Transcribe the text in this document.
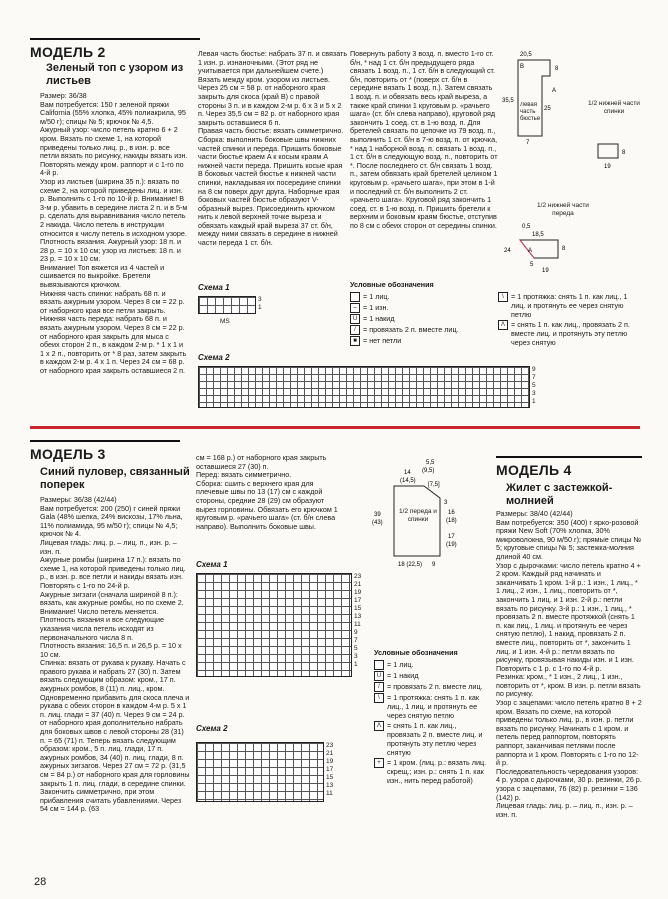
МОДЕЛЬ 2
Зеленый топ с узором из листьев
Размер: 36/38
Вам потребуется: 150 г зеленой пряжи California (55% хлопка, 45% полиакрила, 95 м/50 г); спицы № 5; крючок № 4,5.
Ажурный узор: число петель кратно 6 + 2 кром. Вязать по схеме 1, на которой приведены только лиц. р., в изн. р. все петли вязать по рисунку, накиды вязать изн. Повторять между кром. раппорт и с 1-го по 4-й р.
Узор из листьев (ширина 35 п.): вязать по схеме 2, на которой приведены лиц. и изн. р. Выполнить с 1-го по 10-й р. Внимание! В 3-м р. убавить в середине листа 2 п. и в 5-м р. сделать для выравнивания число петель 2 накида. Число петель в инструкции относится к числу петель в исходном узоре.
Плотность вязания. Ажурный узор: 18 п. и 28 р. = 10 х 10 см; узор из листьев: 18 п. и 23 р. = 10 х 10 см.
Внимание! Топ вяжется из 4 частей и сшивается по выкройке. Бретели вывязываются крючком.
Нижняя часть спинки: набрать 68 п. и вязать ажурным узором. Через 8 см = 22 р. от наборного края все петли закрыть.
Нижняя часть переда: набрать 68 п. и вязать ажурным узором. Через 8 см = 22 р. от наборного края закрыть для мыса с обеих сторон 2 п., в каждом 2-м р. * 1 х 1 и 1 х 2 п., повторить от * 8 раз, затем закрыть в каждом 2-м р. 4 х 1 п. Через 24 см = 68 р. от наборного края закрыть оставшиеся 2 п.
Левая часть бюстье: набрать 37 п. и связать 1 изн. р. изнаночными. (Этот ряд не учитывается при дальнейшем счете.) Вязать между кром. узором из листьев. Через 25 см = 58 р. от наборного края закрыть для скоса (край B) с правой стороны 3 п. и в каждом 2-м р. 6 х 3 и 5 х 2 п. Через 35,5 см = 82 р. от наборного края закрыть оставшиеся 6 п.
Правая часть бюстье: вязать симметрично.
Сборка: выполнить боковые швы нижних частей спинки и переда. Пришить боковые части бюстье краем A к косым краям A нижней части переда. Пришить косые края B боковых частей бюстье к нижней части спинки, накладывая их посередине спинки на 8 см поверх друг друга. Наборные края боковых частей бюстье образуют V-образный вырез. Присоединить крючком нить к левой верхней точке выреза и обвязать каждый край выреза 37 ст. б/н, между ними связать в середине в нижней части переда 1 ст. б/н.
Повернуть работу 3 возд. п. вместо 1-го ст. б/н, * над 1 ст. б/н предыдущего ряда связать 1 возд. п., 1 ст. б/н в следующий ст. б/н, повторить от * (поверх ст. б/н в середине вязать 1 возд. п.). Затем связать 1 возд. п. и обвязать весь край выреза, а также край спинки 1 круговым р. «рачьего шага» (ст. б/н слева направо), круговой ряд закончить 1 соед. ст. в 1-ю возд. п. Для бретелей связать по цепочке из 79 возд. п., выполнить 1 ст. б/н в 7-ю возд. п. от крючка, * над 1 наборной возд. п. связать 1 возд. п., 1 ст. б/н в следующую возд. п., повторить от *. После последнего ст. б/н связать 1 возд. п., затем обвязать край бретелей целиком 1 круговым р. «рачьего шага», при этом в 1-й и последний ст. б/н выполнить 2 ст. «рачьего шага». Круговой ряд закончить 1 соед. ст. в 1-ю возд. п. Пришить бретели к верхним и боковым краям бюстье, отступив по 8 см с обеих сторон от середины спинки.
20,5
8
35,5
25
A
B
7
Левая часть бюстье
1/2 нижней части спинки
8
19
1/2 нижней части переда
0,5
18,5
8
24	A
5
19
Схема 1
3
1
MS
Схема 2
9
7
5
3
1
Условные обозначения
= 1 лиц.
– = 1 изн.
U = 1 накид
/ = провязать 2 п. вместе лиц.
■ = нет петли
\ = 1 протяжка: снять 1 п. как лиц., 1 лиц. и протянуть ее через снятую петлю
Λ = снять 1 п. как лиц., провязать 2 п. вместе лиц. и протянуть эту петлю через снятую
МОДЕЛЬ 3
Синий пуловер, связанный поперек
Размеры: 36/38 (42/44)
Вам потребуется: 200 (250) г синей пряжи Gala (48% шелка, 24% вискозы, 17% льна, 11% полиамида, 95 м/50 г); спицы № 4,5; крючок № 4.
Лицевая гладь: лиц. р. – лиц. п., изн. р. – изн. п.
Ажурные ромбы (ширина 17 п.): вязать по схеме 1, на которой приведены только лиц. р., в изн. р. все петли и накиды вязать изн. Повторять с 1-го по 24-й р.
Ажурные зигзаги (сначала шириной 8 п.): вязать, как ажурные ромбы, но по схеме 2. Внимание! Число петель меняется. Плотность вязания и все следующие указания числа петель исходят из первоначального числа 8 п.
Плотность вязания: 16,5 п. и 26,5 р. = 10 х 10 см.
Спинка: вязать от рукава к рукаву. Начать с правого рукава и набрать 27 (30) п. Затем вязать следующим образом: кром., 17 п. ажурных ромбов, 8 (11) п. лиц., кром. Одновременно прибавить для скоса плеча и рукава с обеих сторон в каждом 4-м р. 5 х 1 п. лиц. глади = 37 (40) п. Через 9 см = 24 р. от наборного края дополнительно набрать для боковых швов с левой стороны 28 (31) п. = 65 (71) п. Теперь вязать следующим образом: кром., 5 п. лиц. глади, 17 п. ажурных ромбов, 34 (40) п. лиц. глади, 8 п. ажурных зигзагов. Через 27 см = 72 р. (31,5 см = 84 р.) от наборного края для горловины закрыть 1 п. лиц. глади, в середине спинки. Закончить симметрично, при этом прибавления считать убавлениями. Через 54 см = 144 р. (63
см = 168 р.) от наборного края закрыть оставшиеся 27 (30) п.
Перед: вязать симметрично.
Сборка: сшить с верхнего края для плечевые швы по 13 (17) см с каждой стороны, средние 28 (29) см образуют вырез горловины. Обвязать его крючком 1 круговым р. «рачьего шага» (ст. б/н слева направо). Выполнить боковые швы.
1/2 переда и спинки
5,5
(9,5)
14
(14,5)
[7,5]
39
(43)
3
16
(18)
17
(19)
18 (22,5) 9
Схема 1
23
21
19
17
15
13
11
9
7
5
3
1
Схема 2
23
21
19
17
15
13
11
Условные обозначения
= 1 лиц.
U = 1 накид
/ = провязать 2 п. вместе лиц.
\ = 1 протяжка: снять 1 п. как лиц., 1 лиц. и протянуть ее через снятую петлю
Λ = снять 1 п. как лиц., провязать 2 п. вместе лиц. и протянуть эту петлю через снятую
+ = 1 кром. (лиц. р.: вязать лиц. скрещ.; изн. р.: снять 1 п. как изн., нить перед работой)
МОДЕЛЬ 4
Жилет с застежкой-молнией
Размеры: 38/40 (42/44)
Вам потребуется: 350 (400) г ярко-розовой пряжи New Soft (70% хлопка, 30% микроволокна, 90 м/50 г); прямые спицы № 5; круговые спицы № 5; застежка-молния длиной 40 см.
Узор с дырочками: число петель кратно 4 + 2 кром. Каждый ряд начинать и заканчивать 1 кром. 1-й р.: 1 изн., 1 лиц., * 1 лиц., 2 изн., 1 лиц., повторить от *, закончить 1 лиц. и 1 изн. 2-й р.: петли вязать по рисунку. 3-й р.: 1 изн., 1 лиц., * провязать 2 п. вместе протяжкой (снять 1 п. как лиц., 1 лиц. и протянуть ее через снятую петлю), 1 накид, провязать 2 п. вместе лиц., повторить от *, закончить 1 лиц. и 1 изн. 4-й р.: петли вязать по рисунку, провязывая накиды изн. и 1 изн. Повторить с 1 р. с 1-го по 4-й р.
Резинка: кром., * 1 изн., 2 лиц., 1 изн., повторить от *, кром. В изн. р. петли вязать по рисунку.
Узор с зацепами: число петель кратно 8 + 2 кром. Вязать по схеме, на которой приведены только лиц. р., в изн. р. петли вязать по рисунку. Начинать с 1 кром. и петель перед раппортом, повторять раппорт, заканчивая петлями после раппорта и 1 кром. Повторять с 1-го по 12-й р.
Последовательность чередования узоров: 4 р. узора с дырочками, 30 р. резинки, 26 р. узора с зацепами, 76 (82) р. резинки = 136 (142) р.
Лицевая гладь: лиц. р. – лиц. п., изн. р. – изн. п.
28
